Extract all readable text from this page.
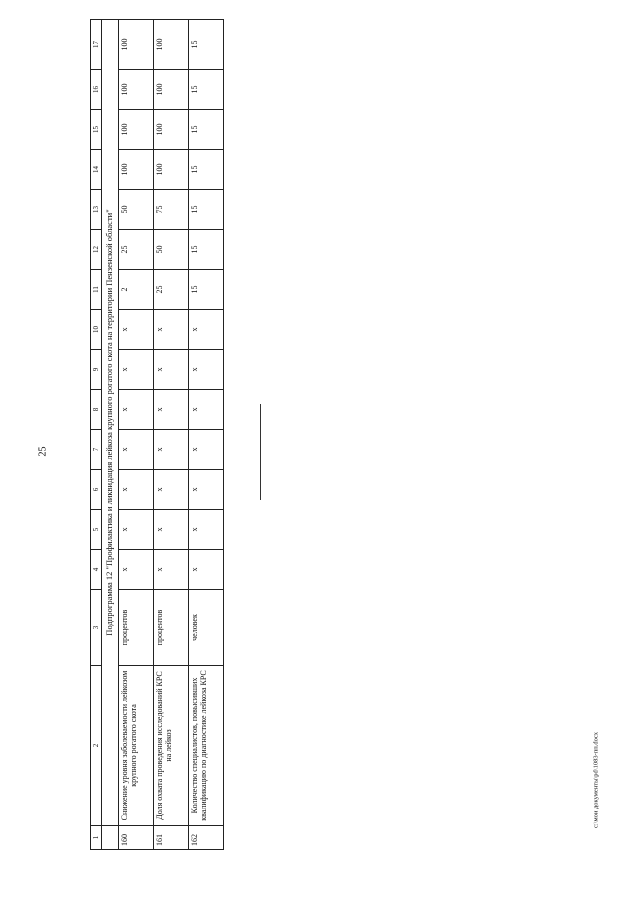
25
c:\мои документы\pd\1083-пп.docx
1	2	3	4	5	6	7	8	9	10	11	12	13	14	15	16	17
	Подпрограмма 12 "Профилактика и ликвидация лейкоза крупного рогатого скота на территории Пензенской области"															
160	Снижение уровня заболеваемости лейкозом крупного рогатого скота	процентов	x	x	x	x	x	x	x	2	25	50	100	100	100	100
161	Доля охвата проведения исследований КРС на лейкоз	процентов	x	x	x	x	x	x	x	25	50	75	100	100	100	100
162	Количество специалистов, повысивших квалификацию по диагностике лейкоза КРС	человек	x	x	x	x	x	x	x	15	15	15	15	15	15	15
